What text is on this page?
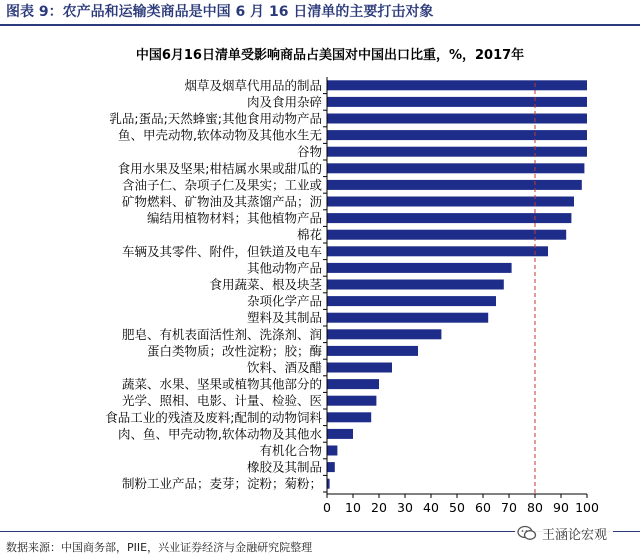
图表 9：农产品和运输类商品是中国 6 月 16 日清单的主要打击对象
中国6月16日清单受影响商品占美国对中国出口比重，%，2017年
烟草及烟草代用品的制品
肉及食用杂碎
乳品;蛋品;天然蜂蜜;其他食用动物产品
鱼、甲壳动物,软体动物及其他水生无
谷物
食用水果及坚果;柑桔属水果或甜瓜的
含油子仁、杂项子仁及果实；工业或
矿物燃料、矿物油及其蒸馏产品；沥
编结用植物材料；其他植物产品
棉花
车辆及其零件、附件，但铁道及电车
其他动物产品
食用蔬菜、根及块茎
杂项化学产品
塑料及其制品
肥皂、有机表面活性剂、洗涤剂、润
蛋白类物质；改性淀粉；胶；酶
饮料、酒及醋
蔬菜、水果、坚果或植物其他部分的
光学、照相、电影、计量、检验、医
食品工业的残渣及废料;配制的动物饲料
肉、鱼、甲壳动物,软体动物及其他水
有机化合物
橡胶及其制品
制粉工业产品；麦芽；淀粉；菊粉；
0 10 20 30 40 50 60 70 80 90 100
数据来源：中国商务部，PIIE，兴业证券经济与金融研究院整理
王涵论宏观
